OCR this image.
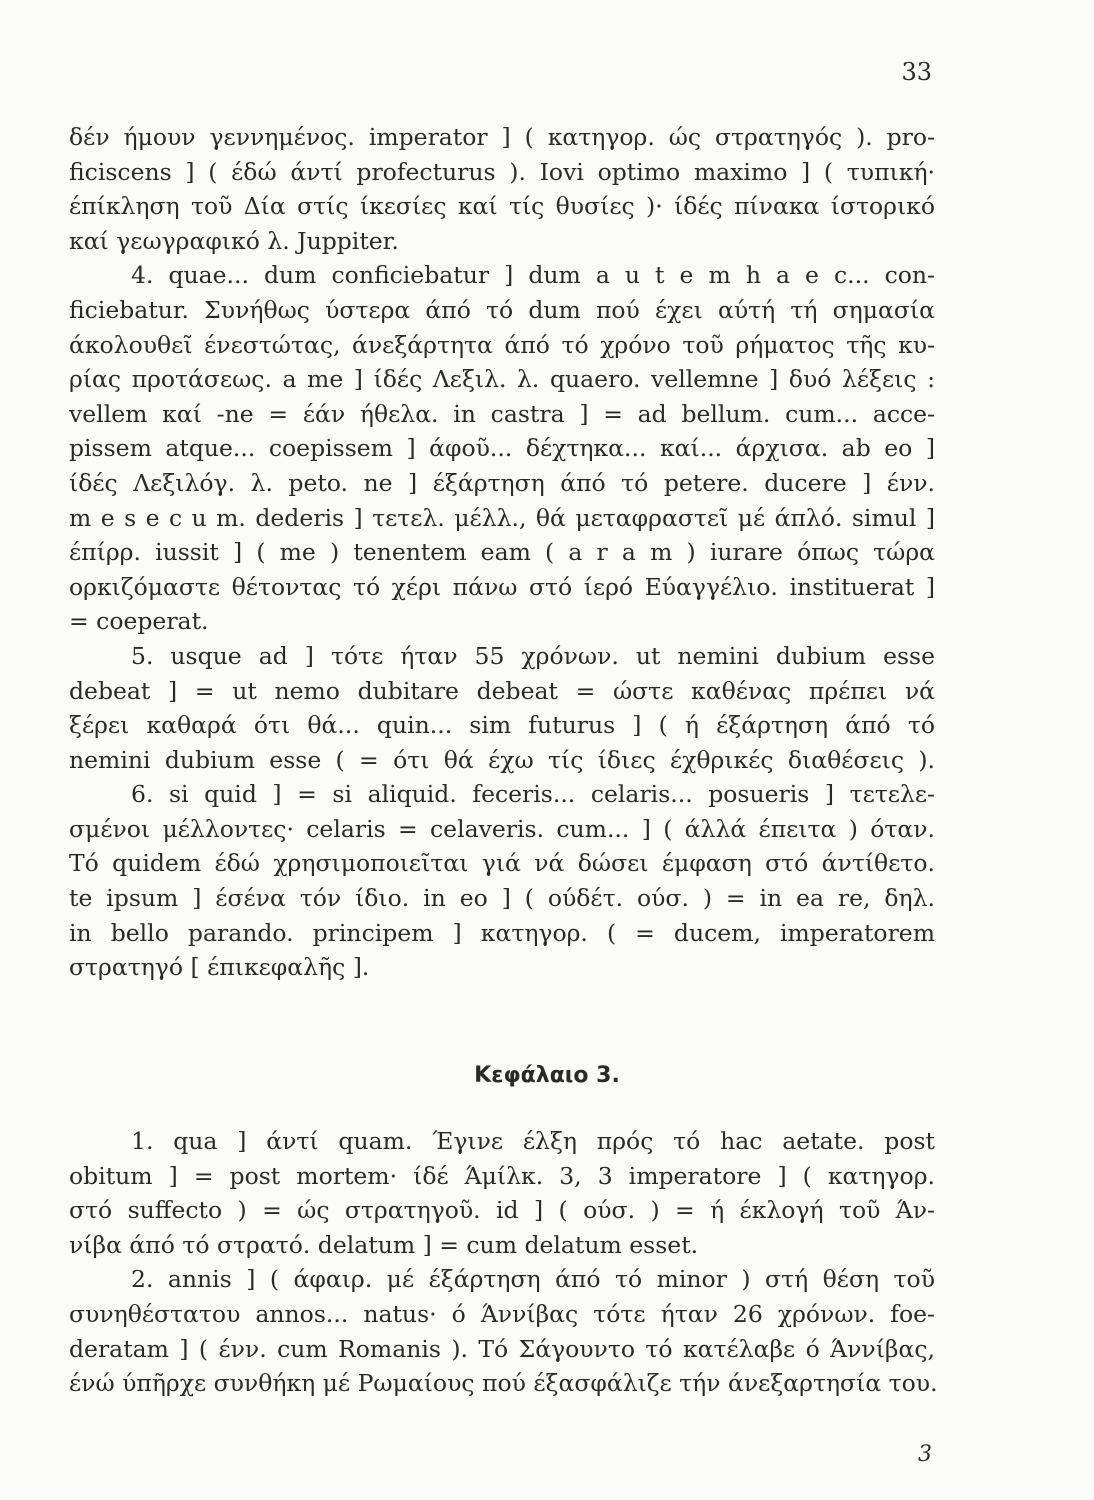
33
δέν ήμουν γεννημένος. imperator ] ( κατηγορ. ώς στρατηγός ). pro-
ficiscens ] ( έδώ άντί profecturus ). Iovi optimo maximo ] ( τυπική·
έπίκληση τοῦ Δία στίς ίκεσίες καί τίς θυσίες )· ίδές πίνακα ίστορικό
καί γεωγραφικό λ. Juppiter.
4. quae... dum conficiebatur ] dum a u t e m h a e c... con-
ficiebatur. Συνήθως ύστερα άπό τό dum πού έχει αύτή τή σημασία
άκολουθεῖ ένεστώτας, άνεξάρτητα άπό τό χρόνο τοῦ ρήματος τῆς κυ-
ρίας προτάσεως. a me ] ίδές Λεξιλ. λ. quaero. vellemne ] δυό λέξεις :
vellem καί -ne = έάν ήθελα. in castra ] = ad bellum. cum... acce-
pissem atque... coepissem ] άφοῦ... δέχτηκα... καί... άρχισα. ab eo ]
ίδές Λεξιλόγ. λ. peto. ne ] έξάρτηση άπό τό petere. ducere ] ένν.
m e s e c u m. dederis ] τετελ. μέλλ., θά μεταφραστεῖ μέ άπλό. simul ]
έπίρρ. iussit ] ( me ) tenentem eam ( a r a m ) iurare όπως τώρα
ορκιζόμαστε θέτοντας τό χέρι πάνω στό ίερό Εύαγγέλιο. instituerat ]
= coeperat.
5. usque ad ] τότε ήταν 55 χρόνων. ut nemini dubium esse
debeat ] = ut nemo dubitare debeat = ώστε καθένας πρέπει νά
ξέρει καθαρά ότι θά... quin... sim futurus ] ( ή έξάρτηση άπό τό
nemini dubium esse ( = ότι θά έχω τίς ίδιες έχθρικές διαθέσεις ).
6. si quid ] = si aliquid. feceris... celaris... posueris ] τετελε-
σμένοι μέλλοντες· celaris = celaveris. cum... ] ( άλλά έπειτα ) όταν.
Τό quidem έδώ χρησιμοποιεῖται γιά νά δώσει έμφαση στό άντίθετο.
te ipsum ] έσένα τόν ίδιο. in eo ] ( ούδέτ. ούσ. ) = in ea re, δηλ.
in bello parando. principem ] κατηγορ. ( = ducem, imperatorem
στρατηγό [ έπικεφαλῆς ].
Κεφάλαιο 3.
1. qua ] άντί quam. Έγινε έλξη πρός τό hac aetate. post
obitum ] = post mortem· ίδέ Άμίλκ. 3, 3 imperatore ] ( κατηγορ.
στό suffecto ) = ώς στρατηγοῦ. id ] ( ούσ. ) = ή έκλογή τοῦ Άν-
νίβα άπό τό στρατό. delatum ] = cum delatum esset.
2. annis ] ( άφαιρ. μέ έξάρτηση άπό τό minor ) στή θέση τοῦ
συνηθέστατου annos... natus· ό Άννίβας τότε ήταν 26 χρόνων. foe-
deratam ] ( ένν. cum Romanis ). Τό Σάγουντο τό κατέλαβε ό Άννίβας,
ένώ ύπῆρχε συνθήκη μέ Ρωμαίους πού έξασφάλιζε τήν άνεξαρτησία του.
3
